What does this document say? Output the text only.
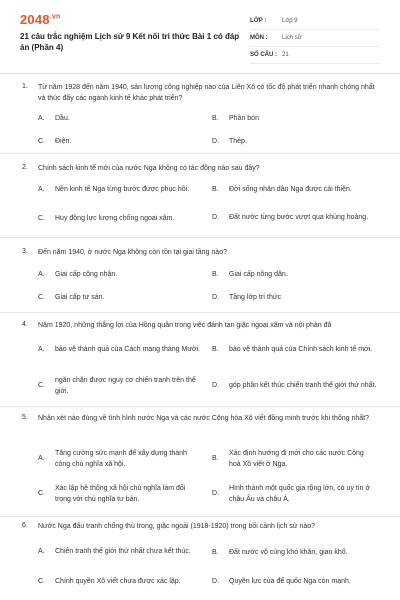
$2048^{.vn}$
21 câu trắc nghiệm Lịch sử 9 Kết nối tri thức Bài 1 có đáp án (Phần 4)
LỚP :	Lớp 9
MÔN :	Lịch sử
SỐ CÂU : 21
1. Từ năm 1928 đến năm 1940, sản lượng công nghiệp nào của Liên Xô có tốc độ phát triển nhanh chóng nhất và thúc đẩy các ngành kinh tế khác phát triển?
A.	Dầu.	B.	Phân bón
C.	Điện.	D.	Thép.
2. Chính sách kinh tế mới của nước Nga không có tác động nào sau đây?
A.	Nền kinh tế Nga từng bước được phục hồi.	B.	Đời sống nhân dân Nga được cải thiện.
C.	Huy động lực lượng chống ngoại xâm.	D.	Đất nước từng bước vượt qua khủng hoảng.
3. Đến năm 1940, ở nước Nga không còn tồn tại giai tầng nào?
A.	Giai cấp công nhân.	B.	Giai cấp nông dân.
C.	Giai cấp tư sản.	D.	Tầng lớp trí thức
4. Năm 1920, những thắng lợi của Hồng quân trong việc đánh tan giặc ngoại xâm và nội phản đã
A.	bảo vệ thành quả của Cách mạng tháng Mười.	B.	bảo vệ thành quả của Chính sách kinh tế mới.
C.
ngăn chặn được nguy cơ chiến tranh trên thế giới.
D.	góp phần kết thúc chiến tranh thế giới thứ nhất.
5. Nhận xét nào đúng về tình hình nước Nga và các nước Cộng hòa Xô viết đồng minh trước khi thống nhất?
A.
Tăng cường sức mạnh để xây dựng thành công chủ nghĩa xã hội.
B.
Xác định hướng đi mới cho các nước Cộng hoà Xô viết ở Nga.
C.
Xác lập hệ thống xã hội chủ nghĩa làm đối trọng với chủ nghĩa tư bản.
D.
Hình thành một quốc gia rộng lớn, có uy tín ở châu Âu và châu Á.
6. Nước Nga đấu tranh chống thù trong, giặc ngoài (1918-1920) trong bối cảnh lịch sử nào?
A.	Chiến tranh thế giới thứ nhất chưa kết thúc.	B.	Đất nước vô cùng khó khăn, gian khổ.
C.	Chính quyền Xô viết chưa được xác lập.	D.	Quyền lực của đế quốc Nga còn mạnh.
